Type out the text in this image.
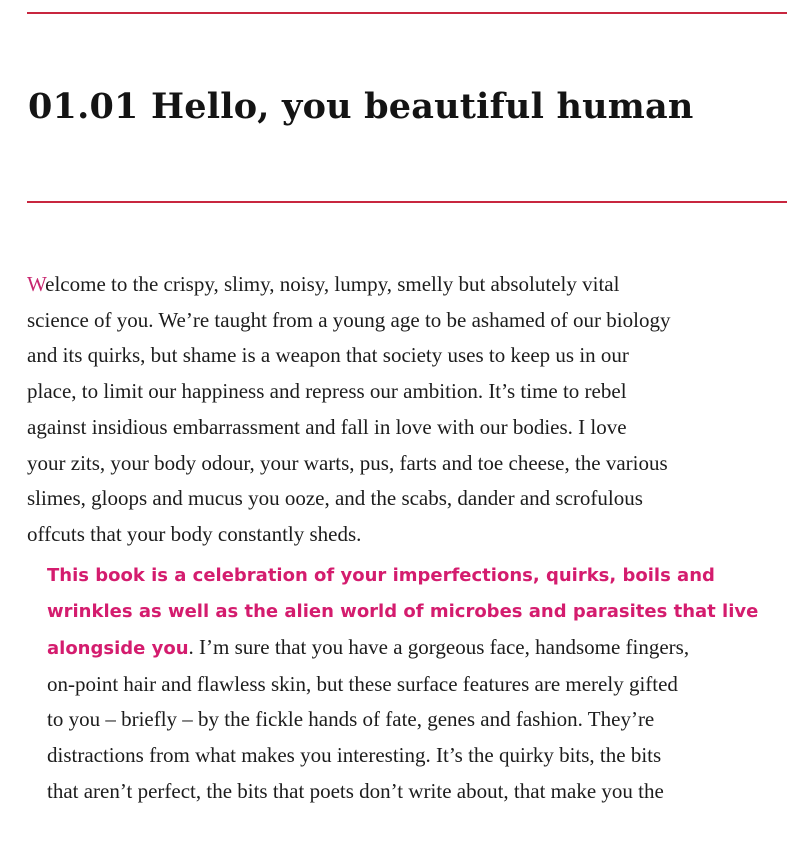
01.01 Hello, you beautiful human

Welcome to the crispy, slimy, noisy, lumpy, smelly but absolutely vital
science of you. We’re taught from a young age to be ashamed of our biology
and its quirks, but shame is a weapon that society uses to keep us in our
place, to limit our happiness and repress our ambition. It’s time to rebel
against insidious embarrassment and fall in love with our bodies. I love
your zits, your body odour, your warts, pus, farts and toe cheese, the various
slimes, gloops and mucus you ooze, and the scabs, dander and scrofulous
offcuts that your body constantly sheds.

This book is a celebration of your imperfections, quirks, boils and
wrinkles as well as the alien world of microbes and parasites that live
alongside you. I’m sure that you have a gorgeous face, handsome fingers,
on-point hair and flawless skin, but these surface features are merely gifted
to you – briefly – by the fickle hands of fate, genes and fashion. They’re
distractions from what makes you interesting. It’s the quirky bits, the bits
that aren’t perfect, the bits that poets don’t write about, that make you the
